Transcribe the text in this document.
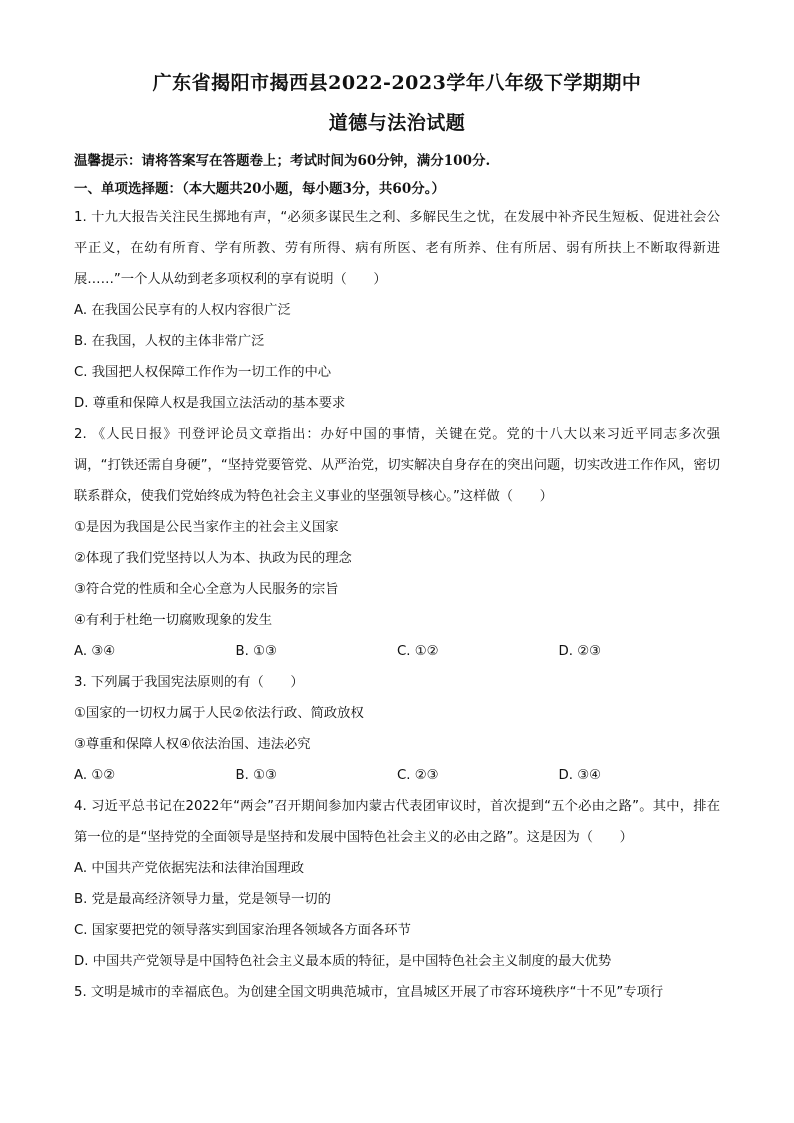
广东省揭阳市揭西县2022-2023学年八年级下学期期中
道德与法治试题
温馨提示：请将答案写在答题卷上；考试时间为60分钟，满分100分.
一、单项选择题：（本大题共20小题，每小题3分，共60分。）

1. 十九大报告关注民生掷地有声，“必须多谋民生之利、多解民生之忧，在发展中补齐民生短板、促进社会公平正义，在幼有所育、学有所教、劳有所得、病有所医、老有所养、住有所居、弱有所扶上不断取得新进展……”一个人从幼到老多项权利的享有说明（　　）

A. 在我国公民享有的人权内容很广泛

B. 在我国，人权的主体非常广泛

C. 我国把人权保障工作作为一切工作的中心

D. 尊重和保障人权是我国立法活动的基本要求

2. 《人民日报》刊登评论员文章指出：办好中国的事情，关键在党。党的十八大以来习近平同志多次强调，“打铁还需自身硬”，“坚持党要管党、从严治党，切实解决自身存在的突出问题，切实改进工作作风，密切联系群众，使我们党始终成为特色社会主义事业的坚强领导核心。”这样做（　　）

①是因为我国是公民当家作主的社会主义国家

②体现了我们党坚持以人为本、执政为民的理念

③符合党的性质和全心全意为人民服务的宗旨

④有利于杜绝一切腐败现象的发生

A. ③④	B. ①③	C. ①②	D. ②③

3. 下列属于我国宪法原则的有（　　）

①国家的一切权力属于人民②依法行政、简政放权

③尊重和保障人权④依法治国、违法必究

A. ①②	B. ①③	C. ②③	D. ③④

4. 习近平总书记在2022年“两会”召开期间参加内蒙古代表团审议时，首次提到“五个必由之路”。其中，排在第一位的是“坚持党的全面领导是坚持和发展中国特色社会主义的必由之路”。这是因为（　　）

A. 中国共产党依据宪法和法律治国理政

B. 党是最高经济领导力量，党是领导一切的

C. 国家要把党的领导落实到国家治理各领域各方面各环节

D. 中国共产党领导是中国特色社会主义最本质的特征，是中国特色社会主义制度的最大优势

5. 文明是城市的幸福底色。为创建全国文明典范城市，宜昌城区开展了市容环境秩序“十不见”专项行
